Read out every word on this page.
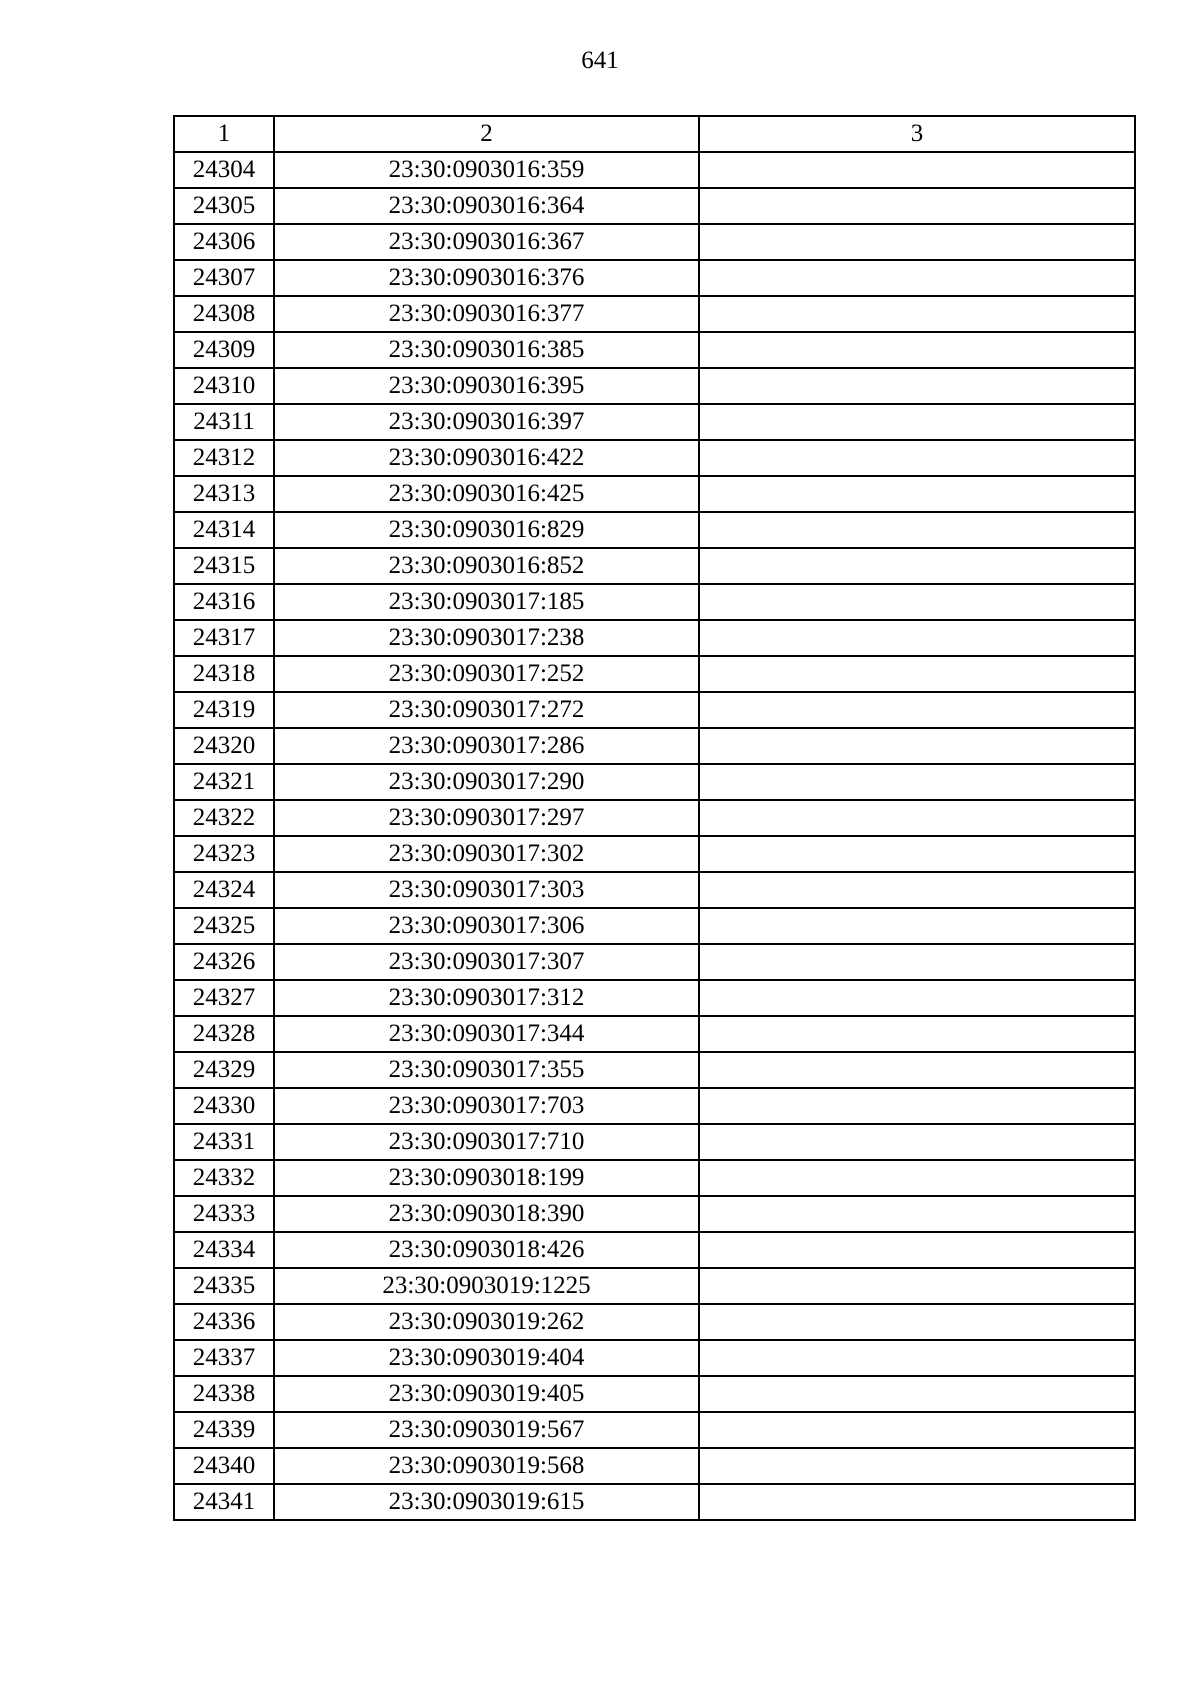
641
1	2	3
24304	23:30:0903016:359	
24305	23:30:0903016:364	
24306	23:30:0903016:367	
24307	23:30:0903016:376	
24308	23:30:0903016:377	
24309	23:30:0903016:385	
24310	23:30:0903016:395	
24311	23:30:0903016:397	
24312	23:30:0903016:422	
24313	23:30:0903016:425	
24314	23:30:0903016:829	
24315	23:30:0903016:852	
24316	23:30:0903017:185	
24317	23:30:0903017:238	
24318	23:30:0903017:252	
24319	23:30:0903017:272	
24320	23:30:0903017:286	
24321	23:30:0903017:290	
24322	23:30:0903017:297	
24323	23:30:0903017:302	
24324	23:30:0903017:303	
24325	23:30:0903017:306	
24326	23:30:0903017:307	
24327	23:30:0903017:312	
24328	23:30:0903017:344	
24329	23:30:0903017:355	
24330	23:30:0903017:703	
24331	23:30:0903017:710	
24332	23:30:0903018:199	
24333	23:30:0903018:390	
24334	23:30:0903018:426	
24335	23:30:0903019:1225	
24336	23:30:0903019:262	
24337	23:30:0903019:404	
24338	23:30:0903019:405	
24339	23:30:0903019:567	
24340	23:30:0903019:568	
24341	23:30:0903019:615	
